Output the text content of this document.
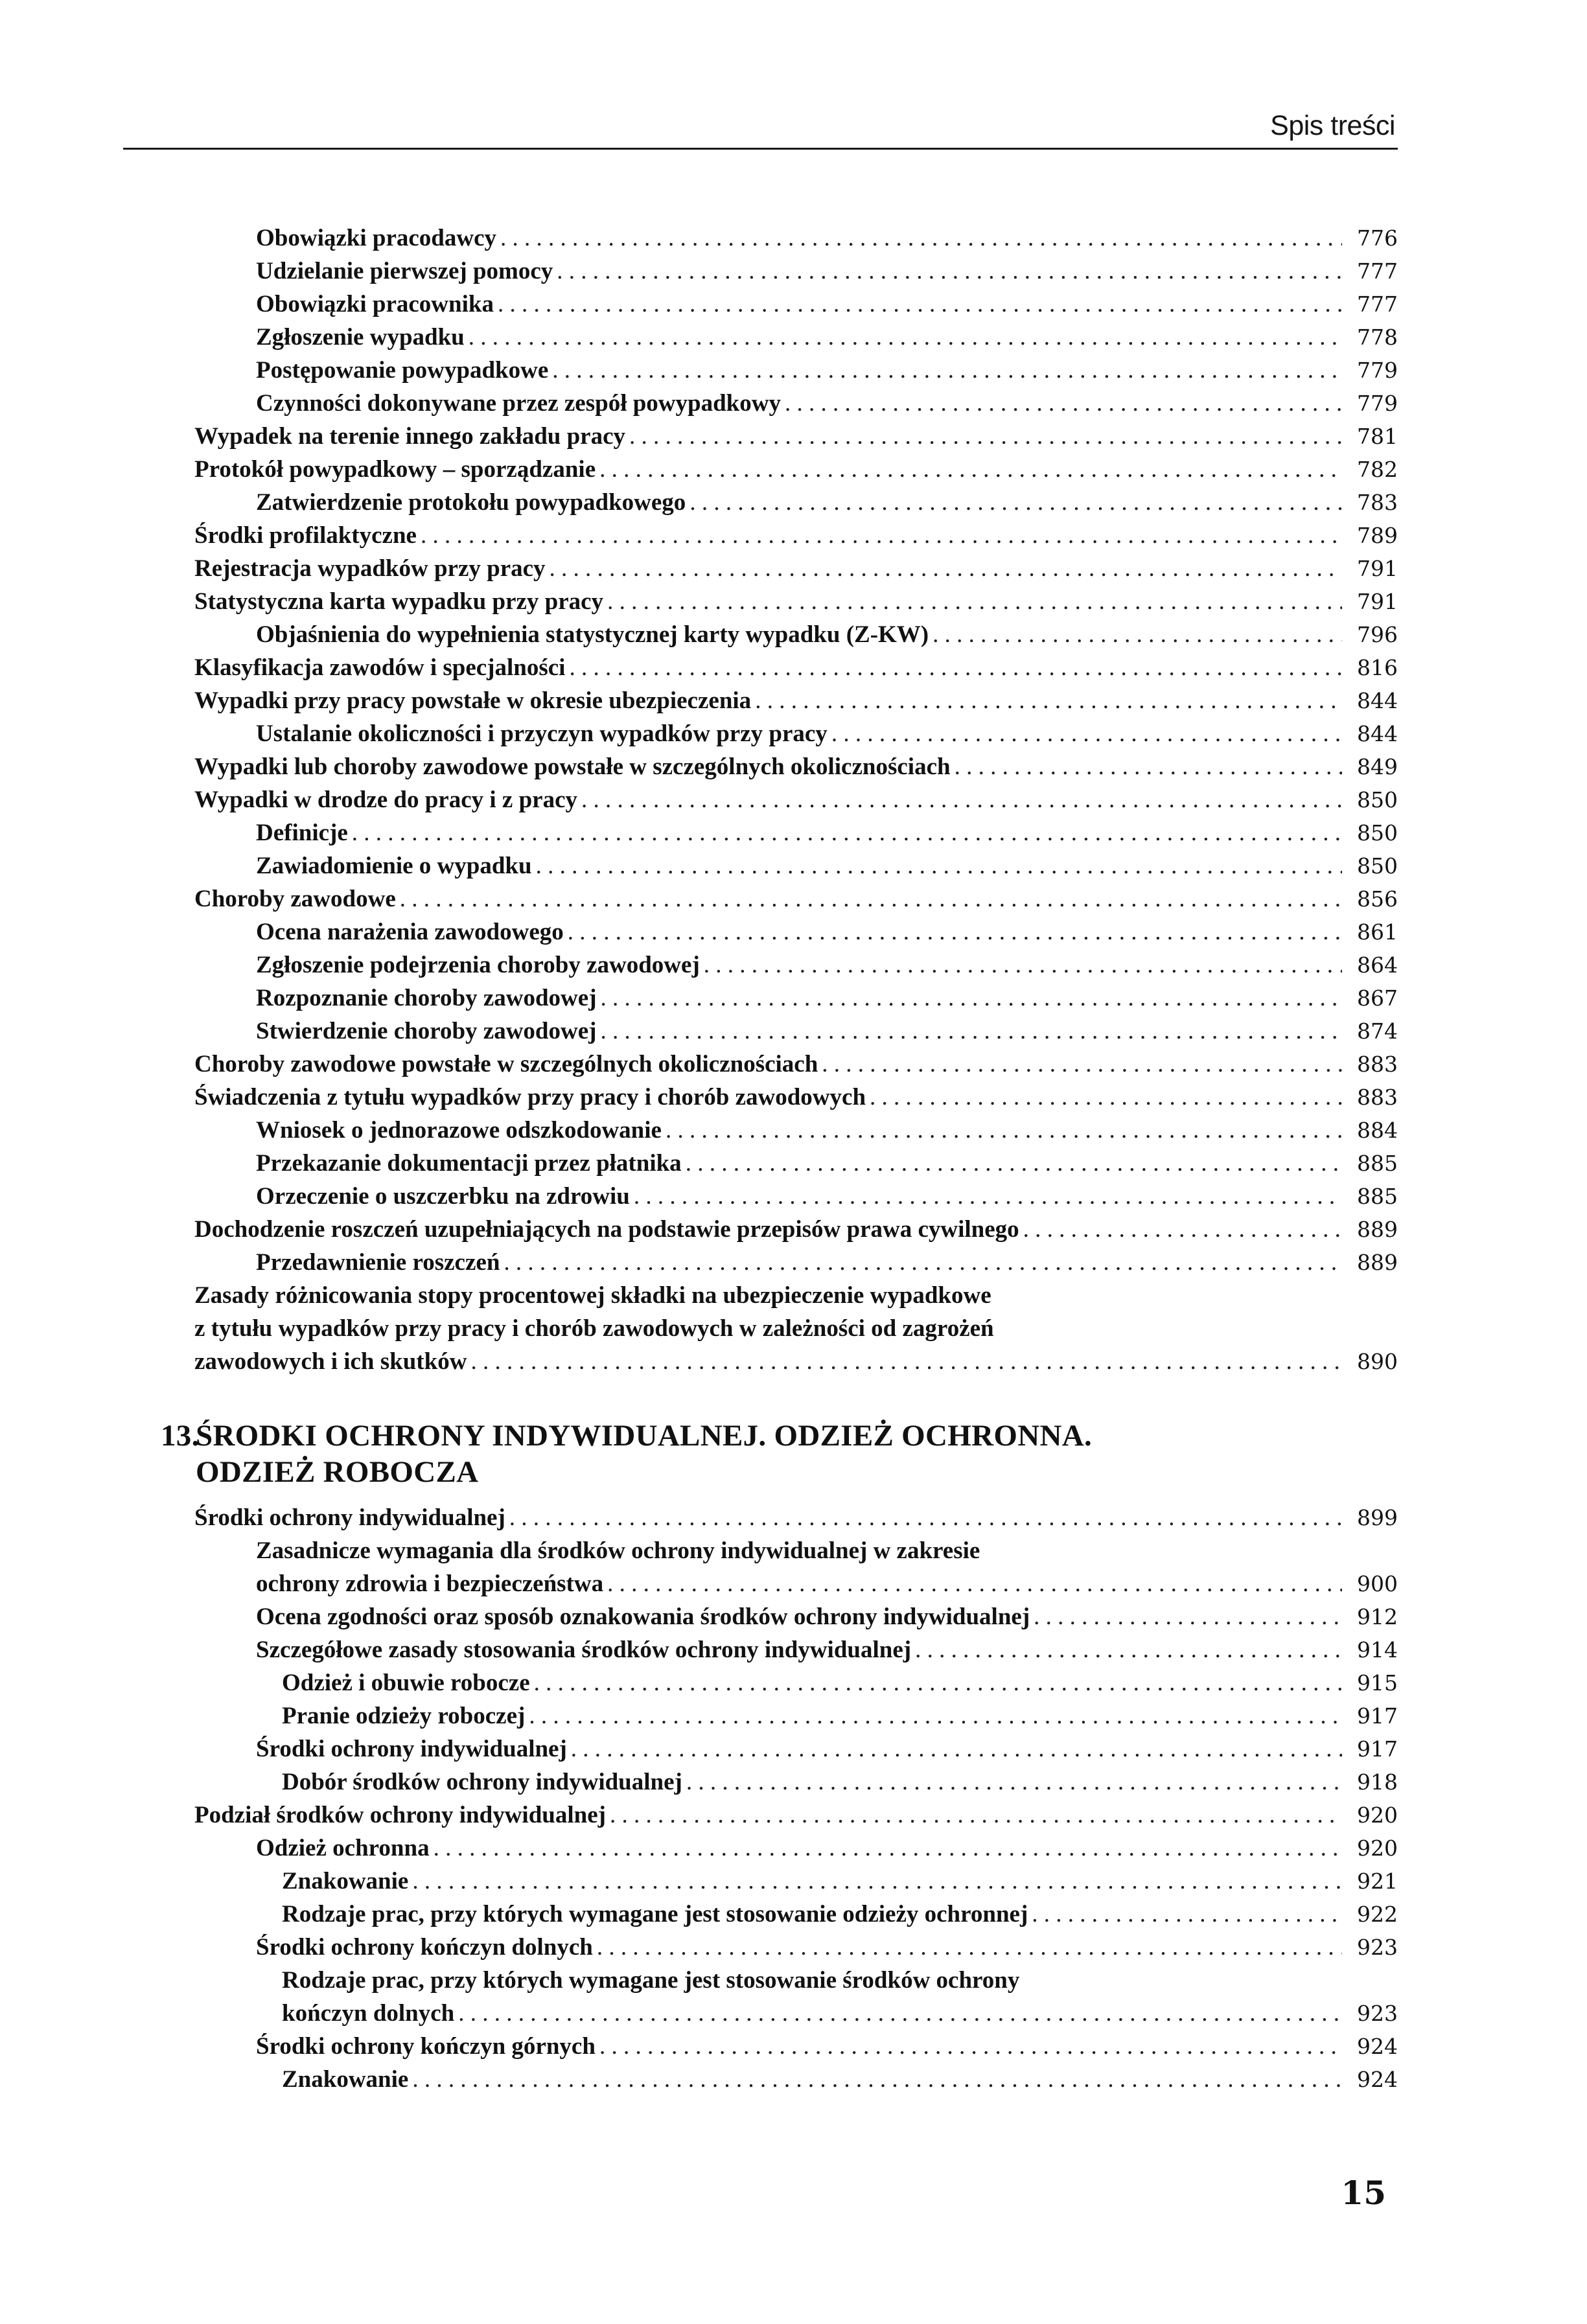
Spis treści
Obowiązki pracodawcy . . .	776
Udzielanie pierwszej pomocy . . .	777
Obowiązki pracownika . . .	777
Zgłoszenie wypadku . . .	778
Postępowanie powypadkowe . . .	779
Czynności dokonywane przez zespół powypadkowy . . .	779
Wypadek na terenie innego zakładu pracy . . .	781
Protokół powypadkowy – sporządzanie . . .	782
Zatwierdzenie protokołu powypadkowego . . .	783
Środki profilaktyczne . . .	789
Rejestracja wypadków przy pracy . . .	791
Statystyczna karta wypadku przy pracy . . .	791
Objaśnienia do wypełnienia statystycznej karty wypadku (Z-KW) . . .	796
Klasyfikacja zawodów i specjalności . . .	816
Wypadki przy pracy powstałe w okresie ubezpieczenia . . .	844
Ustalanie okoliczności i przyczyn wypadków przy pracy . . .	844
Wypadki lub choroby zawodowe powstałe w szczególnych okolicznościach . . .	849
Wypadki w drodze do pracy i z pracy . . .	850
Definicje . . .	850
Zawiadomienie o wypadku . . .	850
Choroby zawodowe . . .	856
Ocena narażenia zawodowego . . .	861
Zgłoszenie podejrzenia choroby zawodowej . . .	864
Rozpoznanie choroby zawodowej . . .	867
Stwierdzenie choroby zawodowej . . .	874
Choroby zawodowe powstałe w szczególnych okolicznościach . . .	883
Świadczenia z tytułu wypadków przy pracy i chorób zawodowych . . .	883
Wniosek o jednorazowe odszkodowanie . . .	884
Przekazanie dokumentacji przez płatnika . . .	885
Orzeczenie o uszczerbku na zdrowiu . . .	885
Dochodzenie roszczeń uzupełniających na podstawie przepisów prawa cywilnego . . .	889
Przedawnienie roszczeń . . .	889
Zasady różnicowania stopy procentowej składki na ubezpieczenie wypadkowe
z tytułu wypadków przy pracy i chorób zawodowych w zależności od zagrożeń
zawodowych i ich skutków . . .	890
13.ŚRODKI OCHRONY INDYWIDUALNEJ. ODZIEŻ OCHRONNA.
ODZIEŻ ROBOCZA
Środki ochrony indywidualnej . . .	899
Zasadnicze wymagania dla środków ochrony indywidualnej w zakresie
ochrony zdrowia i bezpieczeństwa . . .	900
Ocena zgodności oraz sposób oznakowania środków ochrony indywidualnej . . .	912
Szczegółowe zasady stosowania środków ochrony indywidualnej . . .	914
Odzież i obuwie robocze . . .	915
Pranie odzieży roboczej . . .	917
Środki ochrony indywidualnej . . .	917
Dobór środków ochrony indywidualnej . . .	918
Podział środków ochrony indywidualnej . . .	920
Odzież ochronna . . .	920
Znakowanie . . .	921
Rodzaje prac, przy których wymagane jest stosowanie odzieży ochronnej . . .	922
Środki ochrony kończyn dolnych . . .	923
Rodzaje prac, przy których wymagane jest stosowanie środków ochrony
kończyn dolnych . . .	923
Środki ochrony kończyn górnych . . .	924
Znakowanie . . .	924
15
